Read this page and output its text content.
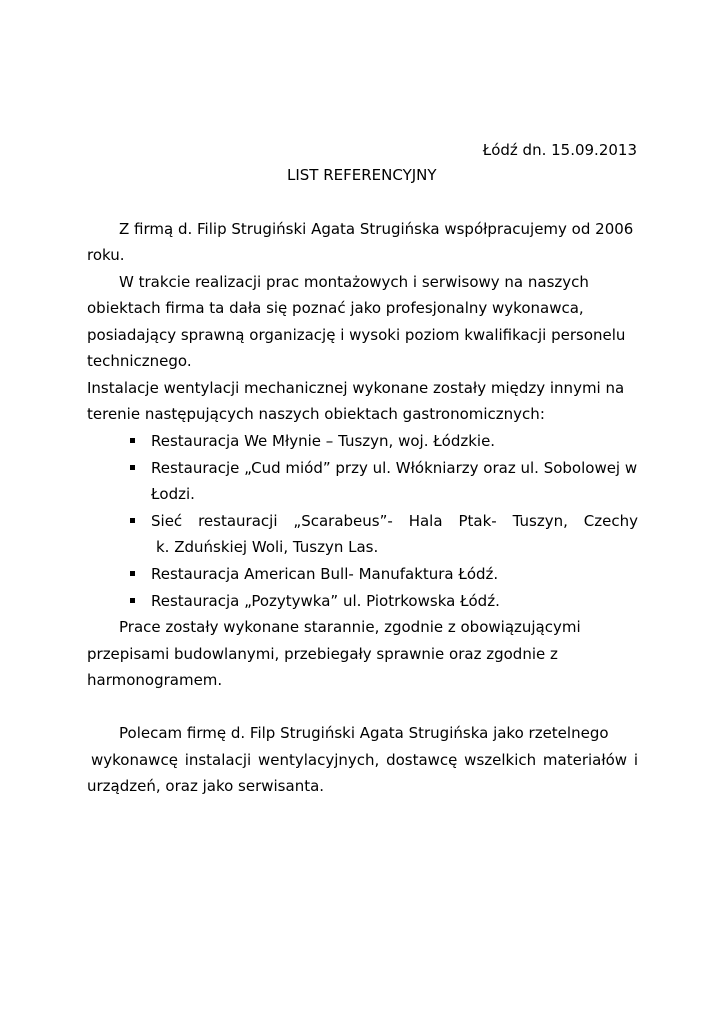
Łódź dn. 15.09.2013
LIST REFERENCYJNY
Z firmą d. Filip Strugiński Agata Strugińska współpracujemy od 2006
roku.
W trakcie realizacji prac montażowych i serwisowy na naszych
obiektach firma ta dała się poznać jako profesjonalny wykonawca,
posiadający sprawną organizację i wysoki poziom kwalifikacji personelu
technicznego.
Instalacje wentylacji mechanicznej wykonane zostały między innymi na
terenie następujących naszych obiektach gastronomicznych:
Restauracja We Młynie – Tuszyn, woj. Łódzkie.
Restauracje „Cud miód” przy ul. Włókniarzy oraz ul. Sobolowej w
Łodzi.
Sieć restauracji „Scarabeus”- Hala Ptak- Tuszyn, Czechy
k. Zduńskiej Woli, Tuszyn Las.
Restauracja American Bull- Manufaktura Łódź.
Restauracja „Pozytywka” ul. Piotrkowska Łódź.
Prace zostały wykonane starannie, zgodnie z obowiązującymi
przepisami budowlanymi, przebiegały sprawnie oraz zgodnie z
harmonogramem.
Polecam firmę d. Filp Strugiński Agata Strugińska jako rzetelnego
wykonawcę instalacji wentylacyjnych, dostawcę wszelkich materiałów i
urządzeń, oraz jako serwisanta.
